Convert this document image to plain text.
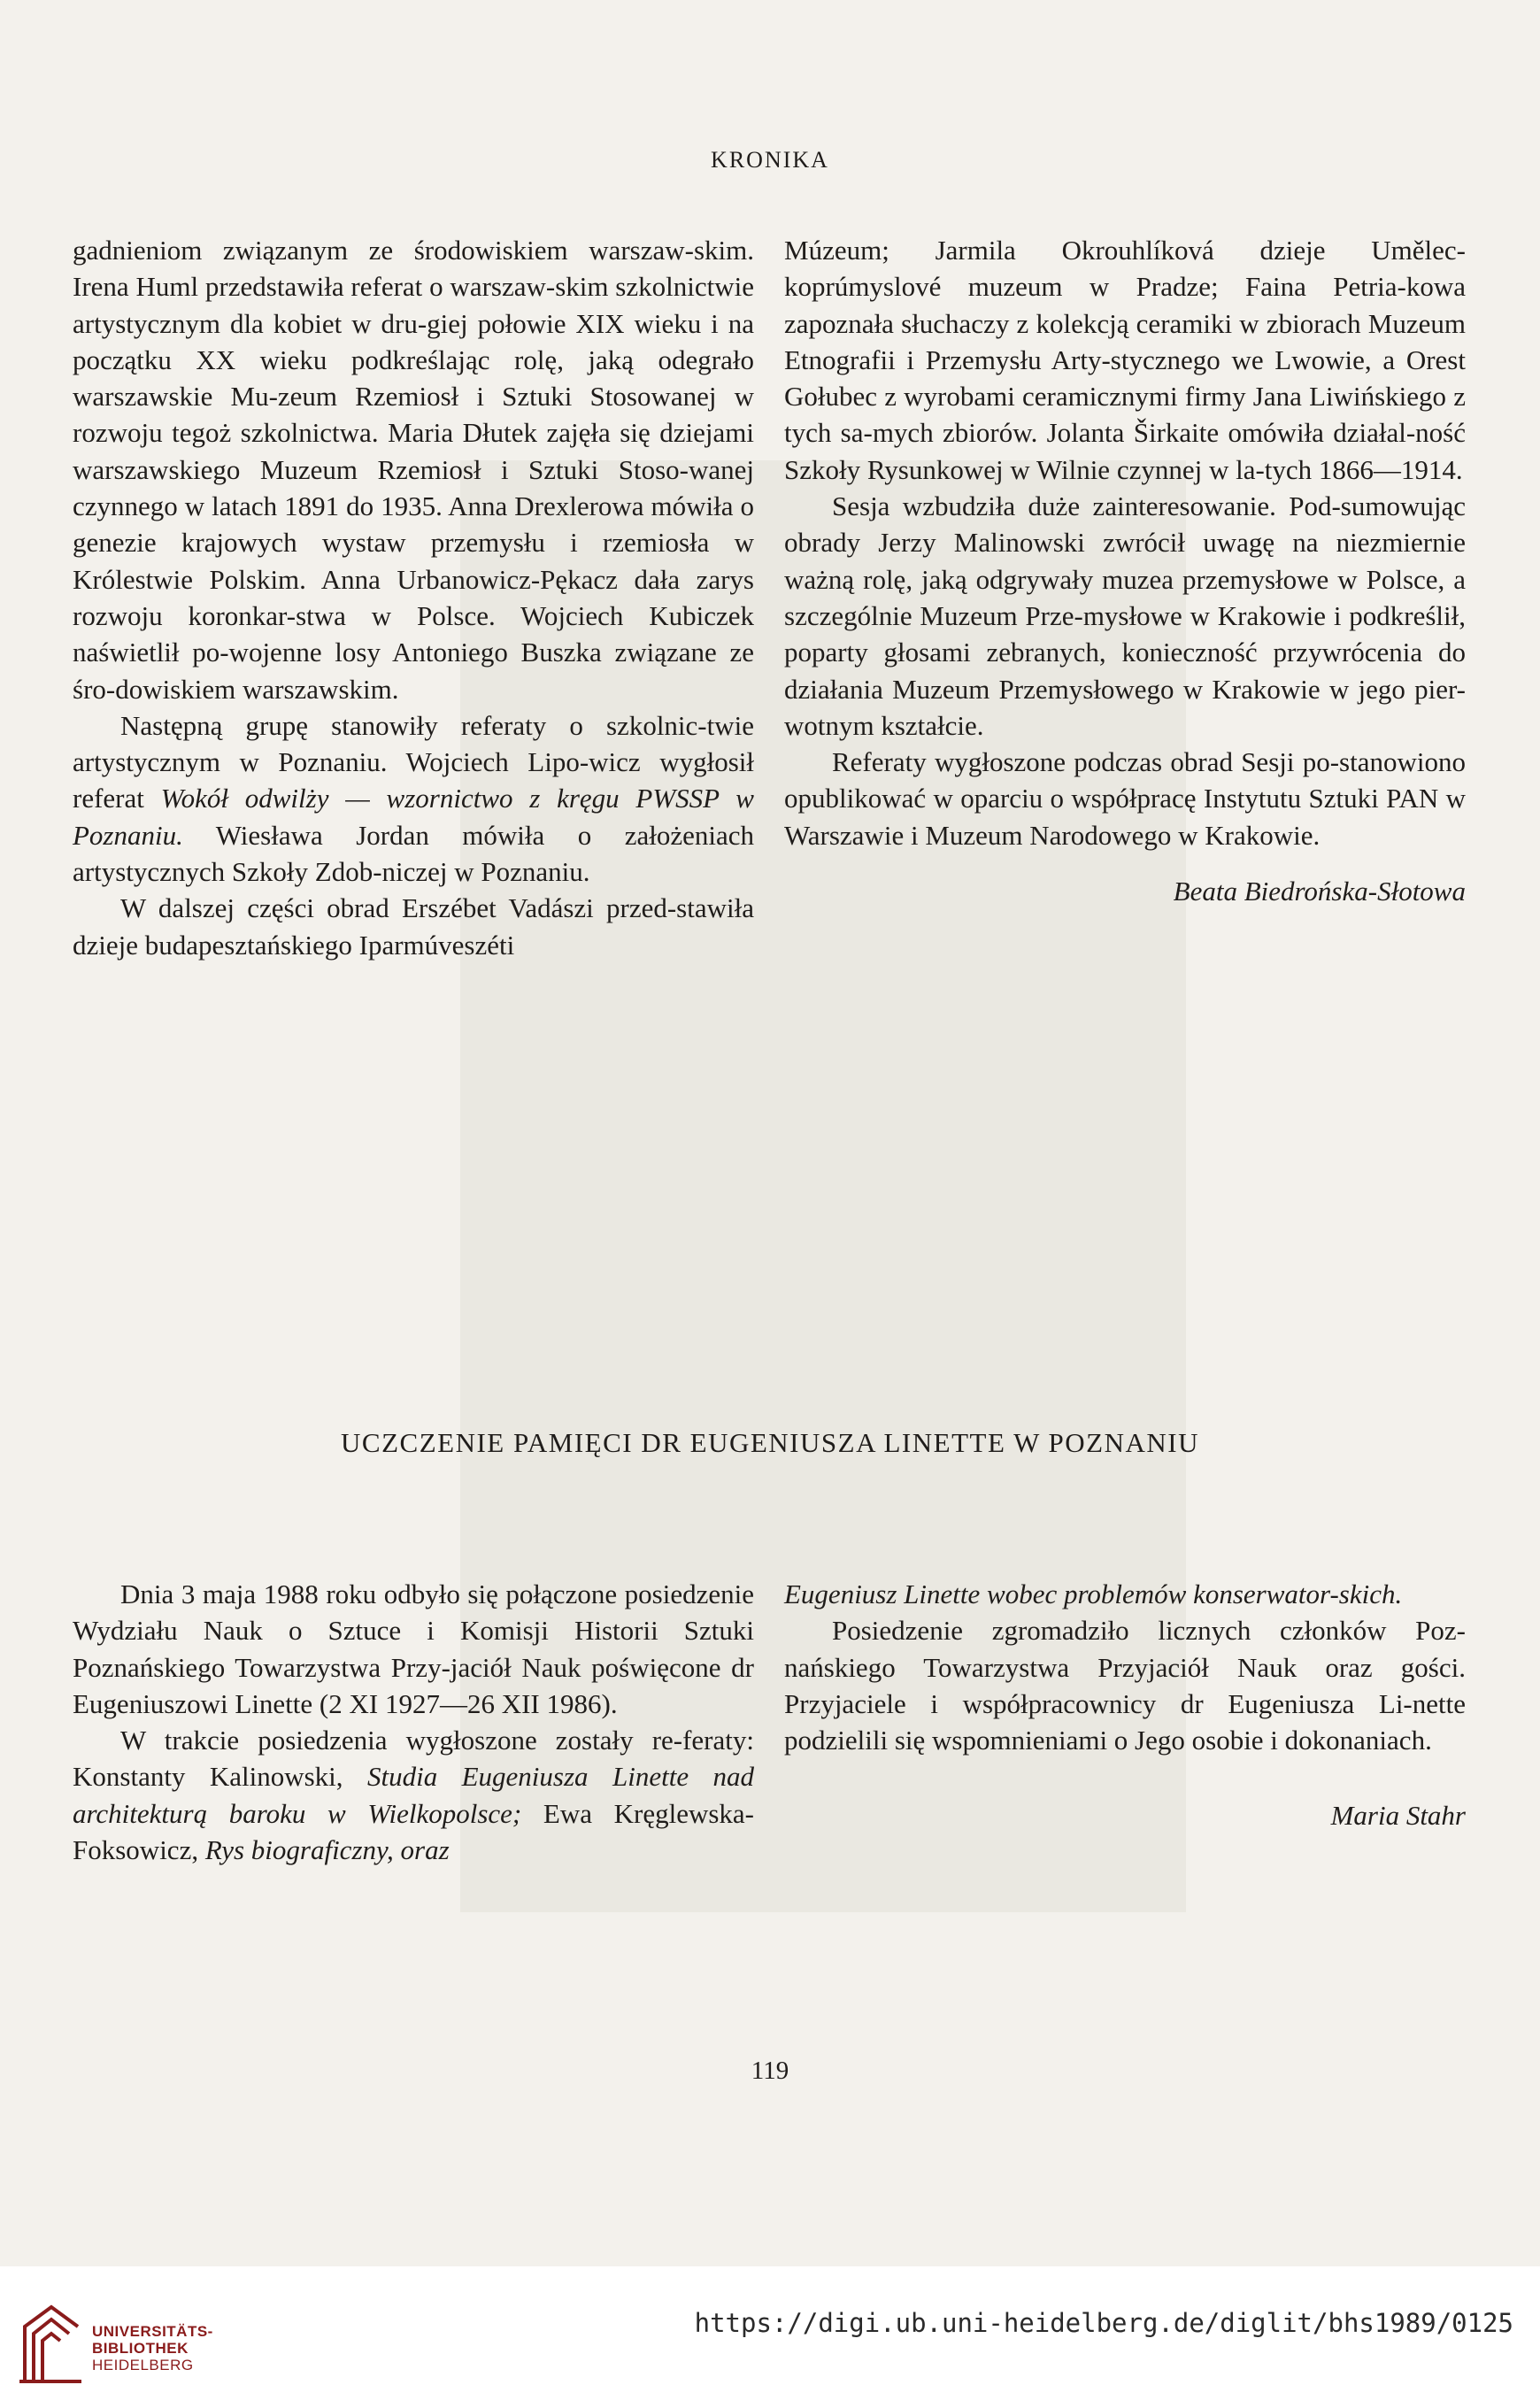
KRONIKA

gadnieniom związanym ze środowiskiem warszaw-skim. Irena Huml przedstawiła referat o warszaw-skim szkolnictwie artystycznym dla kobiet w dru-giej połowie XIX wieku i na początku XX wieku podkreślając rolę, jaką odegrało warszawskie Mu-zeum Rzemiosł i Sztuki Stosowanej w rozwoju tegoż szkolnictwa. Maria Dłutek zajęła się dziejami warszawskiego Muzeum Rzemiosł i Sztuki Stoso-wanej czynnego w latach 1891 do 1935. Anna Drexlerowa mówiła o genezie krajowych wystaw przemysłu i rzemiosła w Królestwie Polskim. Anna Urbanowicz-Pękacz dała zarys rozwoju koronkar-stwa w Polsce. Wojciech Kubiczek naświetlił po-wojenne losy Antoniego Buszka związane ze śro-dowiskiem warszawskim.

Następną grupę stanowiły referaty o szkolnic-twie artystycznym w Poznaniu. Wojciech Lipo-wicz wygłosił referat Wokół odwilży — wzornictwo z kręgu PWSSP w Poznaniu. Wiesława Jordan mówiła o założeniach artystycznych Szkoły Zdob-niczej w Poznaniu.

W dalszej części obrad Erszébet Vadászi przed-stawiła dzieje budapesztańskiego Iparmúveszéti

Múzeum; Jarmila Okrouhlíková dzieje Umělec-koprúmyslové muzeum w Pradze; Faina Petria-kowa zapoznała słuchaczy z kolekcją ceramiki w zbiorach Muzeum Etnografii i Przemysłu Arty-stycznego we Lwowie, a Orest Gołubec z wyrobami ceramicznymi firmy Jana Liwińskiego z tych sa-mych zbiorów. Jolanta Širkaite omówiła działal-ność Szkoły Rysunkowej w Wilnie czynnej w la-tych 1866—1914.

Sesja wzbudziła duże zainteresowanie. Pod-sumowując obrady Jerzy Malinowski zwrócił uwagę na niezmiernie ważną rolę, jaką odgrywały muzea przemysłowe w Polsce, a szczególnie Muzeum Prze-mysłowe w Krakowie i podkreślił, poparty głosami zebranych, konieczność przywrócenia do działania Muzeum Przemysłowego w Krakowie w jego pier-wotnym kształcie.

Referaty wygłoszone podczas obrad Sesji po-stanowiono opublikować w oparciu o współpracę Instytutu Sztuki PAN w Warszawie i Muzeum Narodowego w Krakowie.

Beata Biedrońska-Słotowa

UCZCZENIE PAMIĘCI DR EUGENIUSZA LINETTE W POZNANIU

Dnia 3 maja 1988 roku odbyło się połączone posiedzenie Wydziału Nauk o Sztuce i Komisji Historii Sztuki Poznańskiego Towarzystwa Przy-jaciół Nauk poświęcone dr Eugeniuszowi Linette (2 XI 1927—26 XII 1986).

W trakcie posiedzenia wygłoszone zostały re-feraty: Konstanty Kalinowski, Studia Eugeniusza Linette nad architekturą baroku w Wielkopolsce; Ewa Kręglewska-Foksowicz, Rys biograficzny, oraz

Eugeniusz Linette wobec problemów konserwator-skich.

Posiedzenie zgromadziło licznych członków Poz-nańskiego Towarzystwa Przyjaciół Nauk oraz gości. Przyjaciele i współpracownicy dr Eugeniusza Li-nette podzielili się wspomnieniami o Jego osobie i dokonaniach.

Maria Stahr

119
UNIVERSITÄTS-
BIBLIOTHEK
HEIDELBERG
https://digi.ub.uni-heidelberg.de/diglit/bhs1989/0125
